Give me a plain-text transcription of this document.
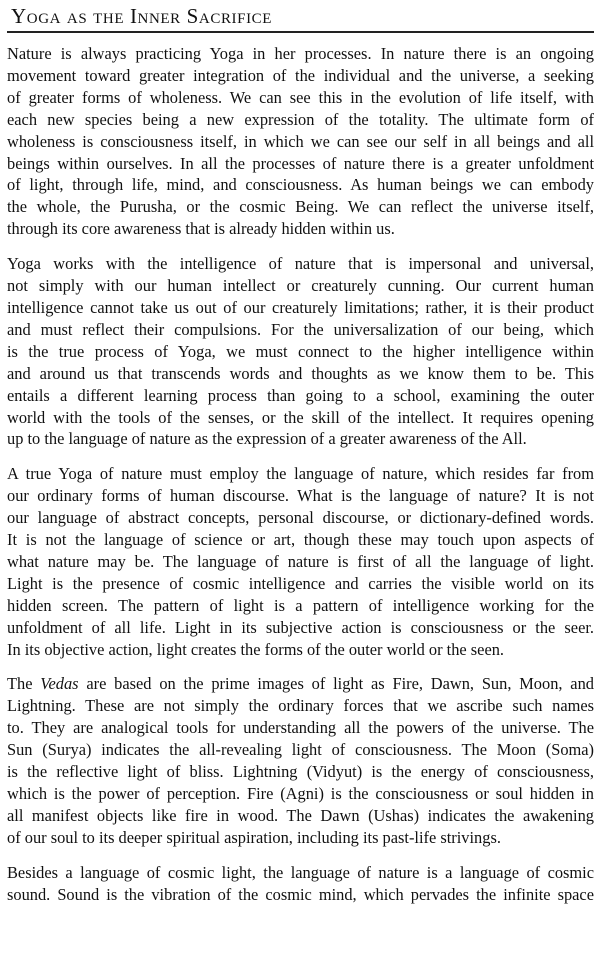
Yoga as the Inner Sacrifice

Nature is always practicing Yoga in her processes. In nature there is an ongoing
movement toward greater integration of the individual and the universe, a seeking
of greater forms of wholeness. We can see this in the evolution of life itself, with
each new species being a new expression of the totality. The ultimate form of
wholeness is consciousness itself, in which we can see our self in all beings and all
beings within ourselves. In all the processes of nature there is a greater unfoldment
of light, through life, mind, and consciousness. As human beings we can embody
the whole, the Purusha, or the cosmic Being. We can reflect the universe itself,
through its core awareness that is already hidden within us.

Yoga works with the intelligence of nature that is impersonal and universal,
not simply with our human intellect or creaturely cunning. Our current human
intelligence cannot take us out of our creaturely limitations; rather, it is their product
and must reflect their compulsions. For the universalization of our being, which
is the true process of Yoga, we must connect to the higher intelligence within
and around us that transcends words and thoughts as we know them to be. This
entails a different learning process than going to a school, examining the outer
world with the tools of the senses, or the skill of the intellect. It requires opening
up to the language of nature as the expression of a greater awareness of the All.

A true Yoga of nature must employ the language of nature, which resides far from
our ordinary forms of human discourse. What is the language of nature? It is not
our language of abstract concepts, personal discourse, or dictionary-defined words.
It is not the language of science or art, though these may touch upon aspects of
what nature may be. The language of nature is first of all the language of light.
Light is the presence of cosmic intelligence and carries the visible world on its
hidden screen. The pattern of light is a pattern of intelligence working for the
unfoldment of all life. Light in its subjective action is consciousness or the seer.
In its objective action, light creates the forms of the outer world or the seen.

The Vedas are based on the prime images of light as Fire, Dawn, Sun, Moon, and
Lightning. These are not simply the ordinary forces that we ascribe such names
to. They are analogical tools for understanding all the powers of the universe. The
Sun (Surya) indicates the all-revealing light of consciousness. The Moon (Soma)
is the reflective light of bliss. Lightning (Vidyut) is the energy of consciousness,
which is the power of perception. Fire (Agni) is the consciousness or soul hidden in
all manifest objects like fire in wood. The Dawn (Ushas) indicates the awakening
of our soul to its deeper spiritual aspiration, including its past-life strivings.

Besides a language of cosmic light, the language of nature is a language of cosmic
sound. Sound is the vibration of the cosmic mind, which pervades the infinite space
